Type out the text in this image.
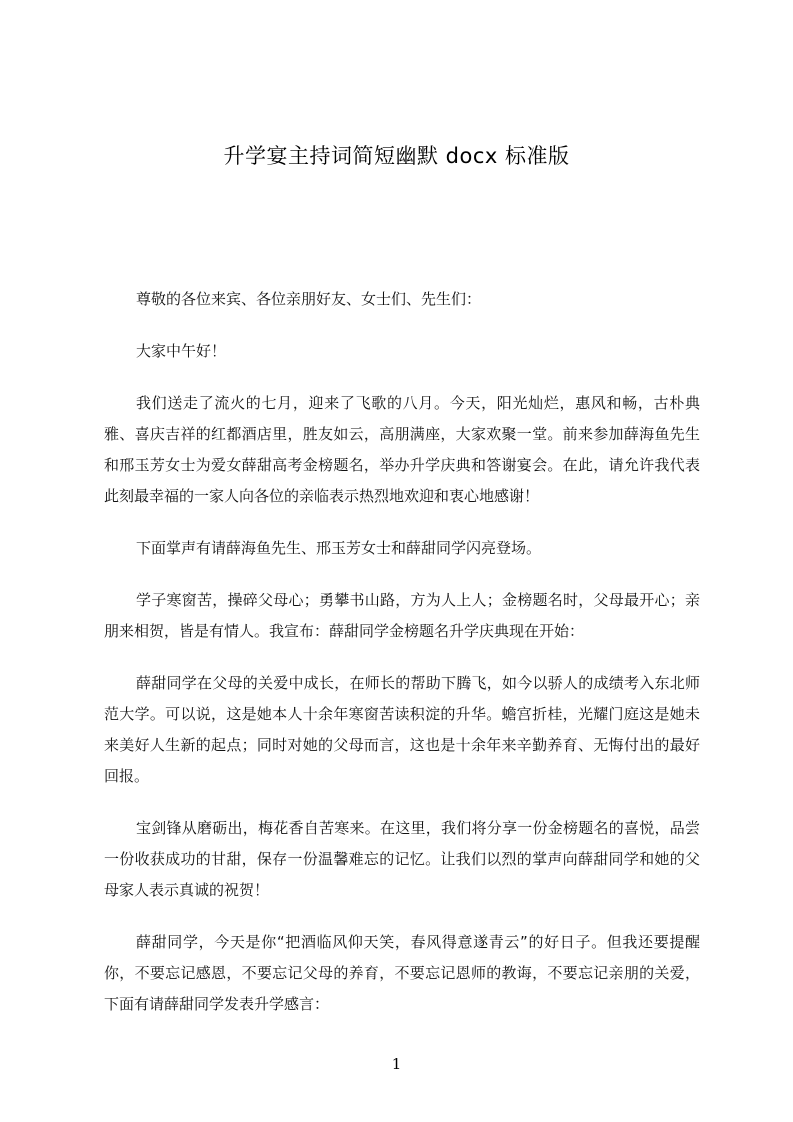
升学宴主持词简短幽默 docx 标准版

尊敬的各位来宾、各位亲朋好友、女士们、先生们：

大家中午好！

我们送走了流火的七月，迎来了飞歌的八月。今天，阳光灿烂，惠风和畅，古朴典雅、喜庆吉祥的红都酒店里，胜友如云，高朋满座，大家欢聚一堂。前来参加薛海鱼先生和邢玉芳女士为爱女薛甜高考金榜题名，举办升学庆典和答谢宴会。在此，请允许我代表此刻最幸福的一家人向各位的亲临表示热烈地欢迎和衷心地感谢！

下面掌声有请薛海鱼先生、邢玉芳女士和薛甜同学闪亮登场。

学子寒窗苦，操碎父母心；勇攀书山路，方为人上人；金榜题名时，父母最开心；亲朋来相贺，皆是有情人。我宣布：薛甜同学金榜题名升学庆典现在开始：

薛甜同学在父母的关爱中成长，在师长的帮助下腾飞，如今以骄人的成绩考入东北师范大学。可以说，这是她本人十余年寒窗苦读积淀的升华。蟾宫折桂，光耀门庭这是她未来美好人生新的起点；同时对她的父母而言，这也是十余年来辛勤养育、无悔付出的最好回报。

宝剑锋从磨砺出，梅花香自苦寒来。在这里，我们将分享一份金榜题名的喜悦，品尝一份收获成功的甘甜，保存一份温馨难忘的记忆。让我们以烈的掌声向薛甜同学和她的父母家人表示真诚的祝贺！

薛甜同学，今天是你“把酒临风仰天笑，春风得意遂青云”的好日子。但我还要提醒你，不要忘记感恩，不要忘记父母的养育，不要忘记恩师的教诲，不要忘记亲朋的关爱，下面有请薛甜同学发表升学感言：

1
